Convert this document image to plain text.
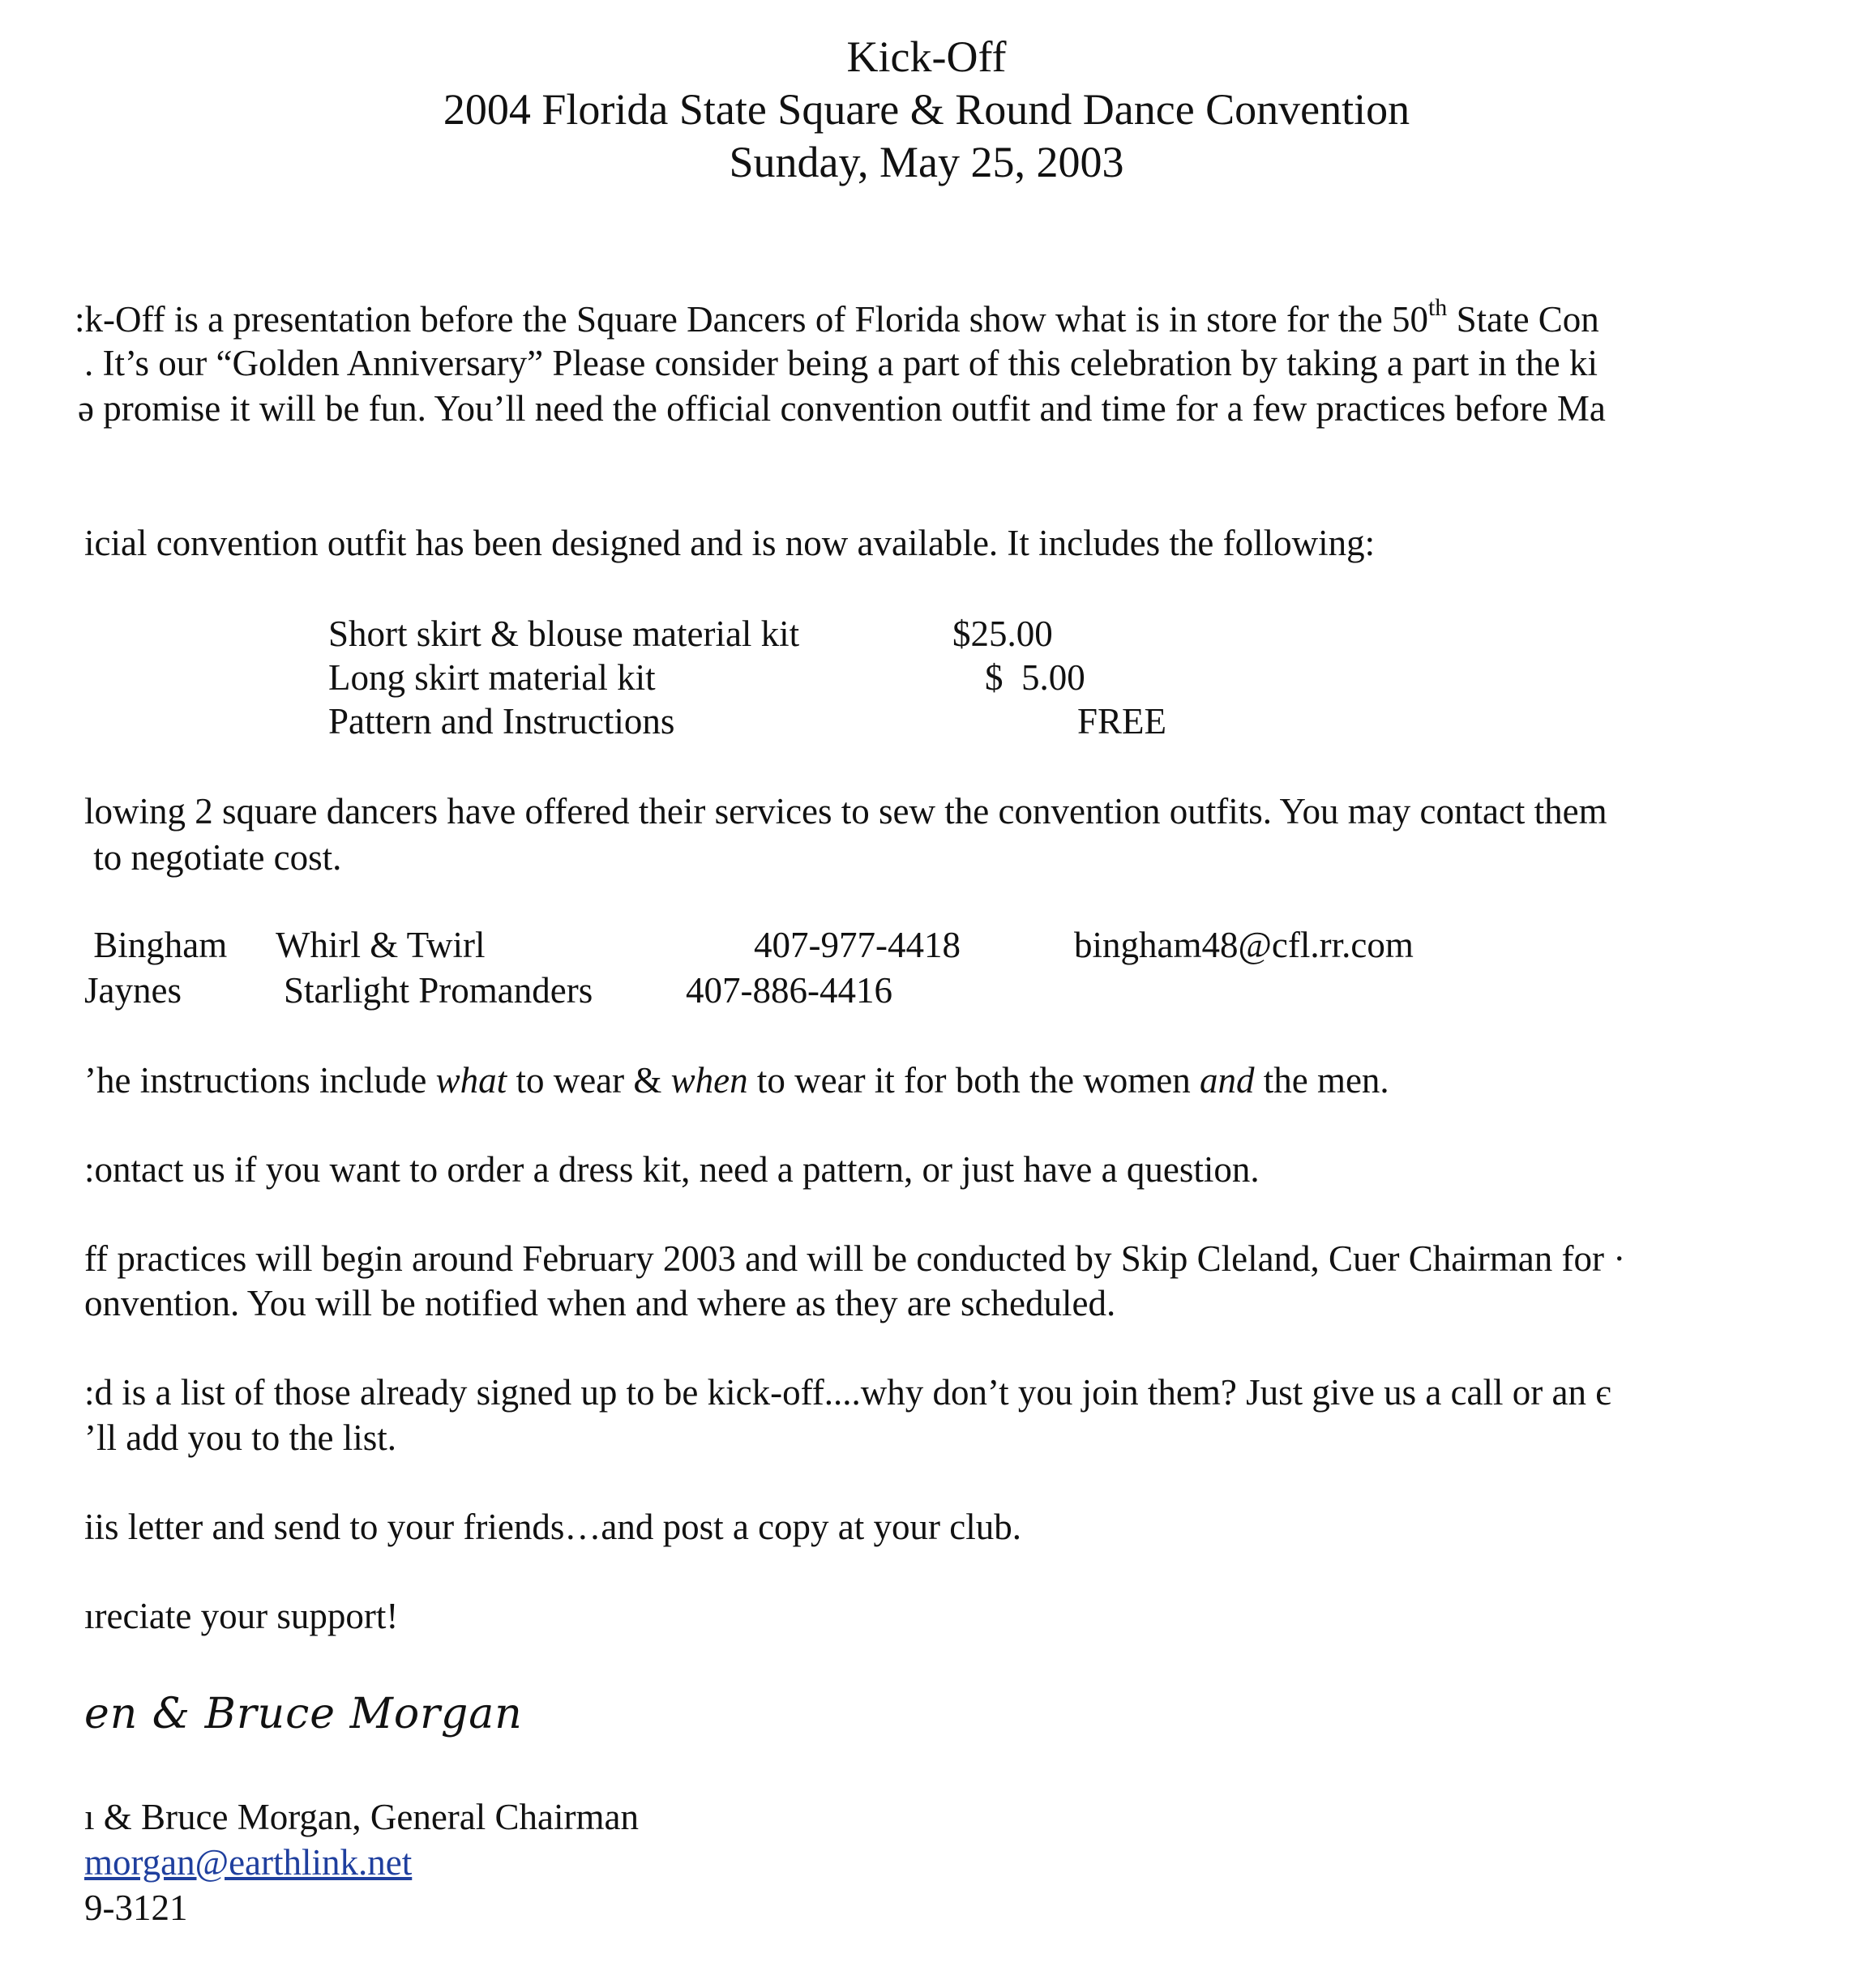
Kick-Off
2004 Florida State Square & Round Dance Convention
Sunday, May 25, 2003
:k-Off is a presentation before the Square Dancers of Florida show what is in store for the 50th State Con
. It’s our “Golden Anniversary” Please consider being a part of this celebration by taking a part in the ki
ə promise it will be fun. You’ll need the official convention outfit and time for a few practices before Ma
icial convention outfit has been designed and is now available. It includes the following:
Short skirt & blouse material kit	$25.00
Long skirt material kit	$  5.00
Pattern and Instructions	FREE
lowing 2 square dancers have offered their services to sew the convention outfits. You may contact them
to negotiate cost.
Bingham Whirl & Twirl	407-977-4418	bingham48@cfl.rr.com
Jaynes	Starlight Promanders	407-886-4416
’he instructions include what to wear & when to wear it for both the women and the men.
:ontact us if you want to order a dress kit, need a pattern, or just have a question.
ff practices will begin around February 2003 and will be conducted by Skip Cleland, Cuer Chairman for ·
onvention. You will be notified when and where as they are scheduled.
:d is a list of those already signed up to be kick-off....why don’t you join them? Just give us a call or an є
’ll add you to the list.
iis letter and send to your friends…and post a copy at your club.
ıreciate your support!
en & Bruce Morgan
ı & Bruce Morgan, General Chairman
morgan@earthlink.net
9-3121
